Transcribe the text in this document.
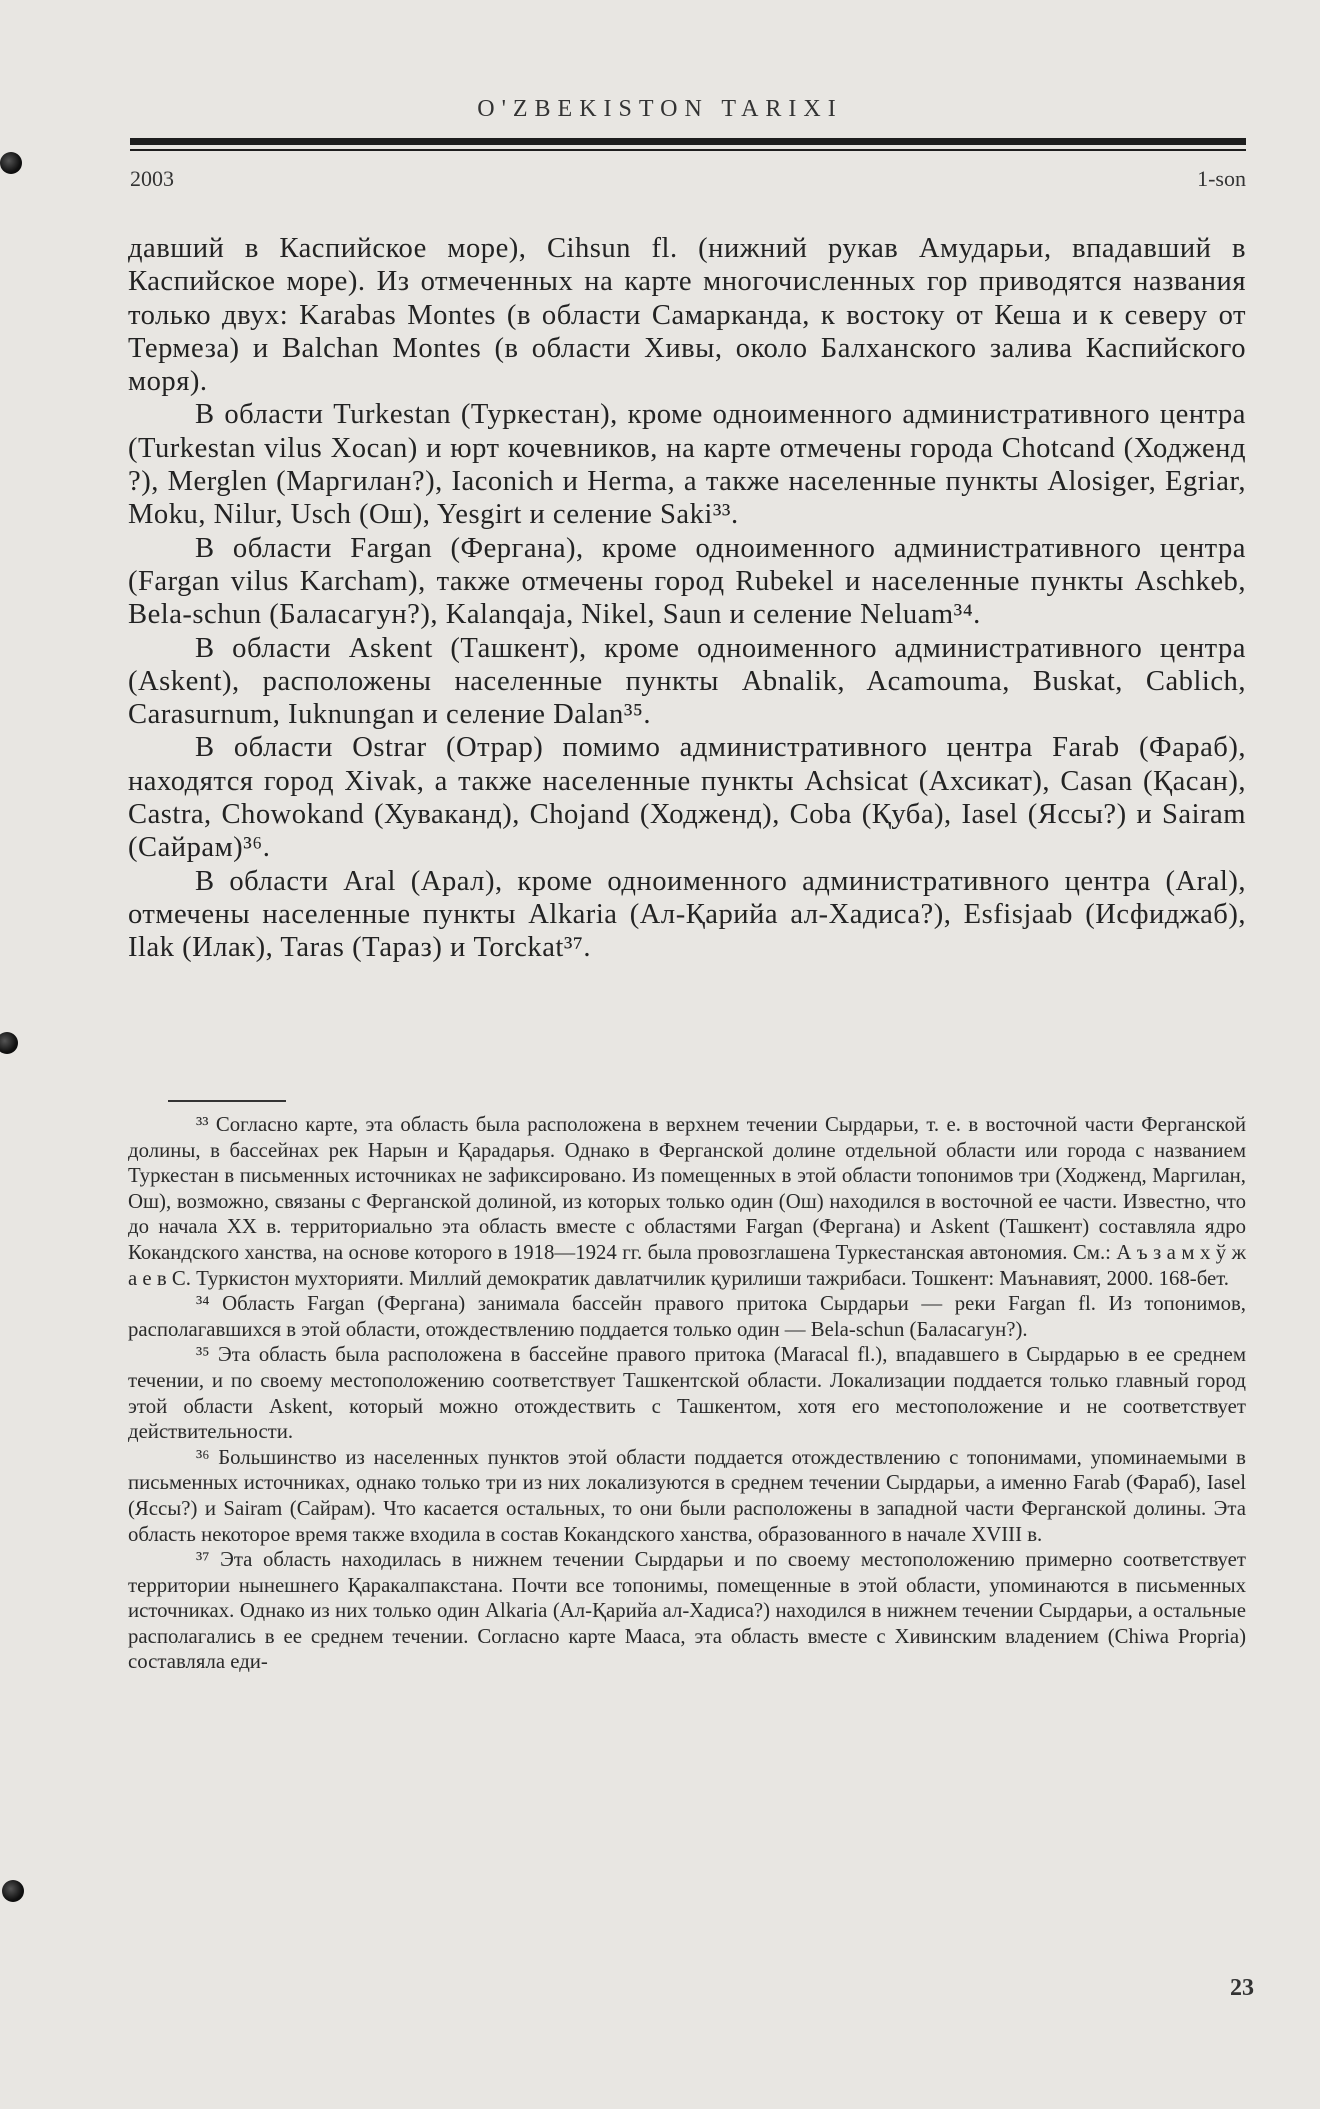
O'ZBEKISTON TARIXI
2003	1-son

давший в Каспийское море), Cihsun fl. (нижний рукав Амударьи, впадавший в Каспийское море). Из отмеченных на карте многочисленных гор приводятся названия только двух: Karabas Montes (в области Самарканда, к востоку от Кеша и к северу от Термеза) и Balchan Montes (в области Хивы, около Балханского залива Каспийского моря).

В области Turkestan (Туркестан), кроме одноименного административного центра (Turkestan vilus Xocan) и юрт кочевников, на карте отмечены города Chotcand (Ходженд ?), Merglen (Маргилан?), Iaconich и Herma, а также населенные пункты Alosiger, Egriar, Moku, Nilur, Usch (Ош), Yesgirt и селение Saki³³.

В области Fargan (Фергана), кроме одноименного административного центра (Fargan vilus Karcham), также отмечены город Rubekel и населенные пункты Aschkeb, Bela-schun (Баласагун?), Kalanqaja, Nikel, Saun и селение Neluam³⁴.

В области Askent (Ташкент), кроме одноименного административного центра (Askent), расположены населенные пункты Abnalik, Acamouma, Buskat, Cablich, Carasurnum, Iuknungan и селение Dalan³⁵.

В области Ostrar (Отрар) помимо административного центра Farab (Фараб), находятся город Xivak, а также населенные пункты Achsicat (Ахсикат), Casan (Қасан), Castra, Chowokand (Хуваканд), Chojand (Ходженд), Coba (Қуба), Iasel (Яссы?) и Sairam (Сайрам)³⁶.

В области Aral (Арал), кроме одноименного административного центра (Aral), отмечены населенные пункты Alkaria (Ал-Қарийа ал-Хадиса?), Esfisjaab (Исфиджаб), Ilak (Илак), Taras (Тараз) и Torckat³⁷.

³³ Согласно карте, эта область была расположена в верхнем течении Сырдарьи, т. е. в восточной части Ферганской долины, в бассейнах рек Нарын и Қарадарья. Однако в Ферганской долине отдельной области или города с названием Туркестан в письменных источниках не зафиксировано. Из помещенных в этой области топонимов три (Ходженд, Маргилан, Ош), возможно, связаны с Ферганской долиной, из которых только один (Ош) находился в восточной ее части. Известно, что до начала XX в. территориально эта область вместе с областями Fargan (Фергана) и Askent (Ташкент) составляла ядро Кокандского ханства, на основе которого в 1918—1924 гг. была провозглашена Туркестанская автономия. См.: А ъ з а м х ў ж а е в С. Туркистон мухторияти. Миллий демократик давлатчилик қурилиши тажрибаси. Тошкент: Маънавият, 2000. 168-бет.

³⁴ Область Fargan (Фергана) занимала бассейн правого притока Сырдарьи — реки Fargan fl. Из топонимов, располагавшихся в этой области, отождествлению поддается только один — Bela-schun (Баласагун?).

³⁵ Эта область была расположена в бассейне правого притока (Maracal fl.), впадавшего в Сырдарью в ее среднем течении, и по своему местоположению соответствует Ташкентской области. Локализации поддается только главный город этой области Askent, который можно отождествить с Ташкентом, хотя его местоположение и не соответствует действительности.

³⁶ Большинство из населенных пунктов этой области поддается отождествлению с топонимами, упоминаемыми в письменных источниках, однако только три из них локализуются в среднем течении Сырдарьи, а именно Farab (Фараб), Iasel (Яссы?) и Sairam (Сайрам). Что касается остальных, то они были расположены в западной части Ферганской долины. Эта область некоторое время также входила в состав Кокандского ханства, образованного в начале XVIII в.

³⁷ Эта область находилась в нижнем течении Сырдарьи и по своему местоположению примерно соответствует территории нынешнего Қаракалпакстана. Почти все топонимы, помещенные в этой области, упоминаются в письменных источниках. Однако из них только один Alkaria (Ал-Қарийа ал-Хадиса?) находился в нижнем течении Сырдарьи, а остальные располагались в ее среднем течении. Согласно карте Мааса, эта область вместе с Хивинским владением (Chiwa Propria) составляла еди-

23
